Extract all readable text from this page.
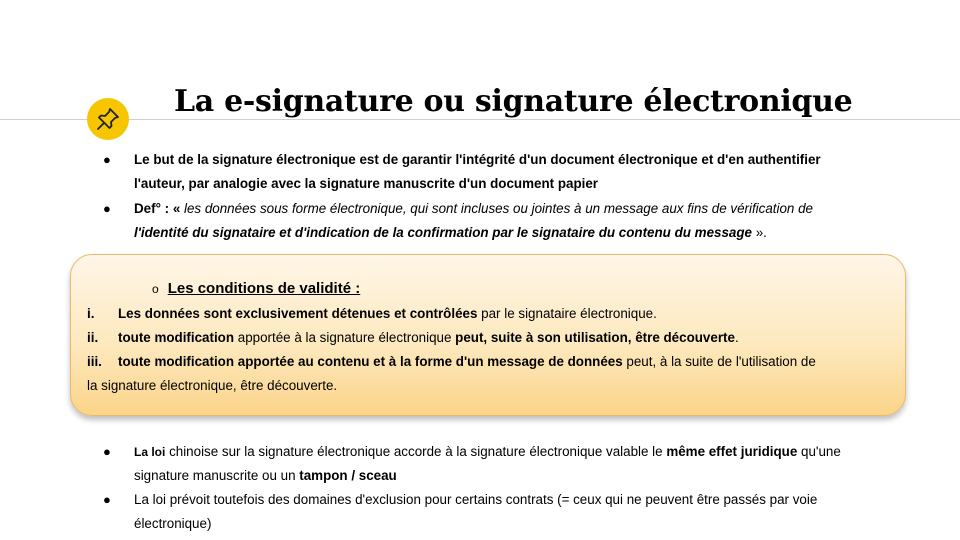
La e-signature ou signature électronique
● Le but de la signature électronique est de garantir l'intégrité d'un document électronique et d'en authentifier
l'auteur, par analogie avec la signature manuscrite d'un document papier
● Def° : « les données sous forme électronique, qui sont incluses ou jointes à un message aux fins de vérification de
l'identité du signataire et d'indication de la confirmation par le signataire du contenu du message ».
o Les conditions de validité :
i.	Les données sont exclusivement détenues et contrôlées par le signataire électronique.
ii.	toute modification apportée à la signature électronique peut, suite à son utilisation, être découverte.
iii.	toute modification apportée au contenu et à la forme d'un message de données peut, à la suite de l'utilisation de
la signature électronique, être découverte.
● La loi chinoise sur la signature électronique accorde à la signature électronique valable le même effet juridique qu'une
signature manuscrite ou un tampon / sceau
● La loi prévoit toutefois des domaines d'exclusion pour certains contrats (= ceux qui ne peuvent être passés par voie
électronique)
